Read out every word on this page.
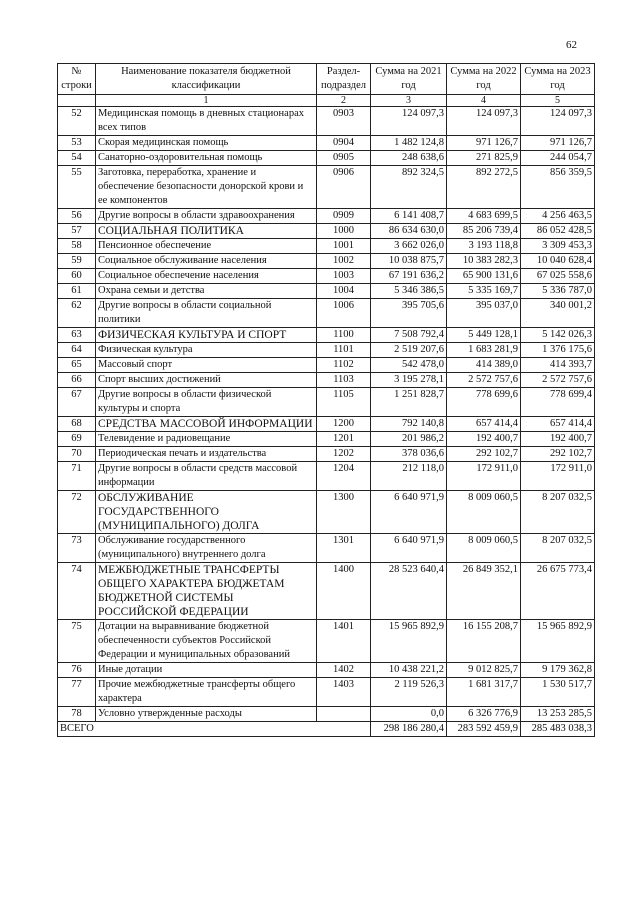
62
№ строки	Наименование показателя бюджетной классификации	Раздел-подраздел	Сумма на 2021 год	Сумма на 2022 год	Сумма на 2023 год
	1	2	3	4	5
52	Медицинская помощь в дневных стационарах всех типов	0903	124 097,3	124 097,3	124 097,3
53	Скорая медицинская помощь	0904	1 482 124,8	971 126,7	971 126,7
54	Санаторно-оздоровительная помощь	0905	248 638,6	271 825,9	244 054,7
55	Заготовка, переработка, хранение и обеспечение безопасности донорской крови и ее компонентов	0906	892 324,5	892 272,5	856 359,5
56	Другие вопросы в области здравоохранения	0909	6 141 408,7	4 683 699,5	4 256 463,5
57	СОЦИАЛЬНАЯ ПОЛИТИКА	1000	86 634 630,0	85 206 739,4	86 052 428,5
58	Пенсионное обеспечение	1001	3 662 026,0	3 193 118,8	3 309 453,3
59	Социальное обслуживание населения	1002	10 038 875,7	10 383 282,3	10 040 628,4
60	Социальное обеспечение населения	1003	67 191 636,2	65 900 131,6	67 025 558,6
61	Охрана семьи и детства	1004	5 346 386,5	5 335 169,7	5 336 787,0
62	Другие вопросы в области социальной политики	1006	395 705,6	395 037,0	340 001,2
63	ФИЗИЧЕСКАЯ КУЛЬТУРА И СПОРТ	1100	7 508 792,4	5 449 128,1	5 142 026,3
64	Физическая культура	1101	2 519 207,6	1 683 281,9	1 376 175,6
65	Массовый спорт	1102	542 478,0	414 389,0	414 393,7
66	Спорт высших достижений	1103	3 195 278,1	2 572 757,6	2 572 757,6
67	Другие вопросы в области физической культуры и спорта	1105	1 251 828,7	778 699,6	778 699,4
68	СРЕДСТВА МАССОВОЙ ИНФОРМАЦИИ	1200	792 140,8	657 414,4	657 414,4
69	Телевидение и радиовещание	1201	201 986,2	192 400,7	192 400,7
70	Периодическая печать и издательства	1202	378 036,6	292 102,7	292 102,7
71	Другие вопросы в области средств массовой информации	1204	212 118,0	172 911,0	172 911,0
72	ОБСЛУЖИВАНИЕ ГОСУДАРСТВЕННОГО (МУНИЦИПАЛЬНОГО) ДОЛГА	1300	6 640 971,9	8 009 060,5	8 207 032,5
73	Обслуживание государственного (муниципального) внутреннего долга	1301	6 640 971,9	8 009 060,5	8 207 032,5
74	МЕЖБЮДЖЕТНЫЕ ТРАНСФЕРТЫ ОБЩЕГО ХАРАКТЕРА БЮДЖЕТАМ БЮДЖЕТНОЙ СИСТЕМЫ РОССИЙСКОЙ ФЕДЕРАЦИИ	1400	28 523 640,4	26 849 352,1	26 675 773,4
75	Дотации на выравнивание бюджетной обеспеченности субъектов Российской Федерации и муниципальных образований	1401	15 965 892,9	16 155 208,7	15 965 892,9
76	Иные дотации	1402	10 438 221,2	9 012 825,7	9 179 362,8
77	Прочие межбюджетные трансферты общего характера	1403	2 119 526,3	1 681 317,7	1 530 517,7
78	Условно утвержденные расходы		0,0	6 326 776,9	13 253 285,5
ВСЕГО			298 186 280,4	283 592 459,9	285 483 038,3
